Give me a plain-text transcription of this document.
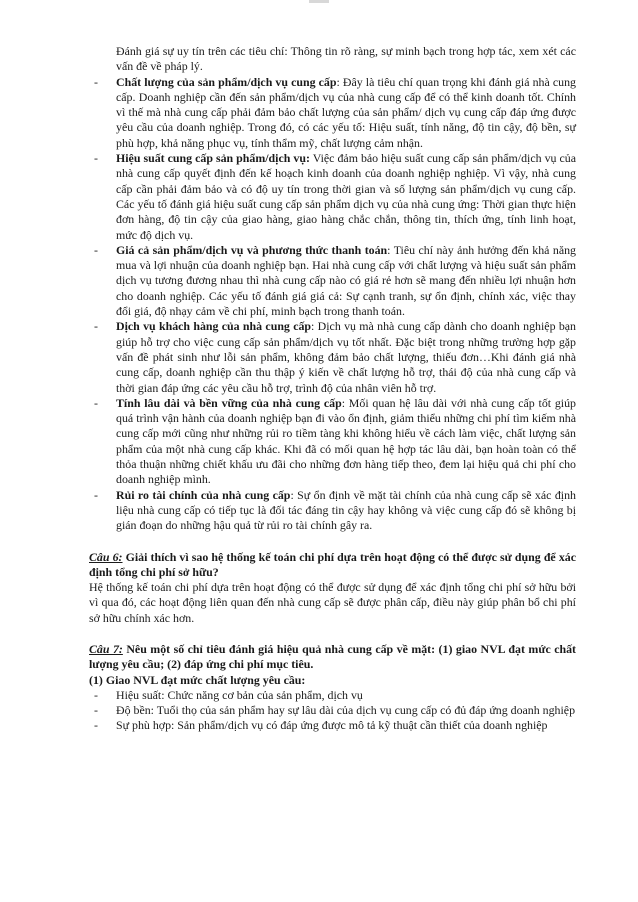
Đánh giá sự uy tín trên các tiêu chí: Thông tin rõ ràng, sự minh bạch trong hợp tác, xem xét các vấn đề về pháp lý.

- Chất lượng của sản phẩm/dịch vụ cung cấp: Đây là tiêu chí quan trọng khi đánh giá nhà cung cấp. Doanh nghiệp cần đến sản phẩm/dịch vụ của nhà cung cấp để có thể kinh doanh tốt. Chính vì thế mà nhà cung cấp phải đảm bảo chất lượng của sản phẩm/ dịch vụ cung cấp đáp ứng được yêu cầu của doanh nghiệp. Trong đó, có các yếu tố: Hiệu suất, tính năng, độ tin cậy, độ bền, sự phù hợp, khả năng phục vụ, tính thẩm mỹ, chất lượng cảm nhận.
- Hiệu suất cung cấp sản phẩm/dịch vụ: Việc đảm bảo hiệu suất cung cấp sản phẩm/dịch vụ của nhà cung cấp quyết định đến kế hoạch kinh doanh của doanh nghiệp nghiệp. Vì vậy, nhà cung cấp cần phải đảm bảo và có độ uy tín trong thời gian và số lượng sản phẩm/dịch vụ cung cấp. Các yếu tố đánh giá hiệu suất cung cấp sản phẩm dịch vụ của nhà cung ứng: Thời gian thực hiện đơn hàng, độ tin cậy của giao hàng, giao hàng chắc chắn, thông tin, thích ứng, tính linh hoạt, mức độ dịch vụ.
- Giá cả sản phẩm/dịch vụ và phương thức thanh toán: Tiêu chí này ảnh hưởng đến khả năng mua và lợi nhuận của doanh nghiệp bạn. Hai nhà cung cấp với chất lượng và hiệu suất sản phẩm dịch vụ tương đương nhau thì nhà cung cấp nào có giá rẻ hơn sẽ mang đến nhiều lợi nhuận hơn cho doanh nghiệp. Các yếu tố đánh giá giá cả: Sự cạnh tranh, sự ổn định, chính xác, việc thay đổi giá, độ nhạy cảm về chi phí, minh bạch trong thanh toán.
- Dịch vụ khách hàng của nhà cung cấp: Dịch vụ mà nhà cung cấp dành cho doanh nghiệp bạn giúp hỗ trợ cho việc cung cấp sản phẩm/dịch vụ tốt nhất. Đặc biệt trong những trường hợp gặp vấn đề phát sinh như lỗi sản phẩm, không đảm bảo chất lượng, thiếu đơn…Khi đánh giá nhà cung cấp, doanh nghiệp cần thu thập ý kiến về chất lượng hỗ trợ, thái độ của nhà cung cấp và thời gian đáp ứng các yêu cầu hỗ trợ, trình độ của nhân viên hỗ trợ.
- Tính lâu dài và bền vững của nhà cung cấp: Mối quan hệ lâu dài với nhà cung cấp tốt giúp quá trình vận hành của doanh nghiệp bạn đi vào ổn định, giảm thiểu những chi phí tìm kiếm nhà cung cấp mới cũng như những rủi ro tiềm tàng khi không hiểu về cách làm việc, chất lượng sản phẩm của một nhà cung cấp khác. Khi đã có mối quan hệ hợp tác lâu dài, bạn hoàn toàn có thể thỏa thuận những chiết khấu ưu đãi cho những đơn hàng tiếp theo, đem lại hiệu quả chi phí cho doanh nghiệp mình.
- Rủi ro tài chính của nhà cung cấp: Sự ổn định về mặt tài chính của nhà cung cấp sẽ xác định liệu nhà cung cấp có tiếp tục là đối tác đáng tin cậy hay không và việc cung cấp đó sẽ không bị gián đoạn do những hậu quả từ rủi ro tài chính gây ra.

Câu 6: Giải thích vì sao hệ thống kế toán chi phí dựa trên hoạt động có thể được sử dụng để xác định tổng chi phí sở hữu?

Hệ thống kế toán chi phí dựa trên hoạt động có thể được sử dụng để xác định tổng chi phí sở hữu bởi vì qua đó, các hoạt động liên quan đến nhà cung cấp sẽ được phân cấp, điều này giúp phân bổ chi phí sở hữu chính xác hơn.

Câu 7: Nêu một số chỉ tiêu đánh giá hiệu quả nhà cung cấp về mặt: (1) giao NVL đạt mức chất lượng yêu cầu; (2) đáp ứng chi phí mục tiêu.

(1) Giao NVL đạt mức chất lượng yêu cầu:

- Hiệu suất: Chức năng cơ bản của sản phẩm, dịch vụ
- Độ bền: Tuổi thọ của sản phẩm hay sự lâu dài của dịch vụ cung cấp có đủ đáp ứng doanh nghiệp
- Sự phù hợp: Sản phẩm/dịch vụ có đáp ứng được mô tả kỹ thuật cần thiết của doanh nghiệp
